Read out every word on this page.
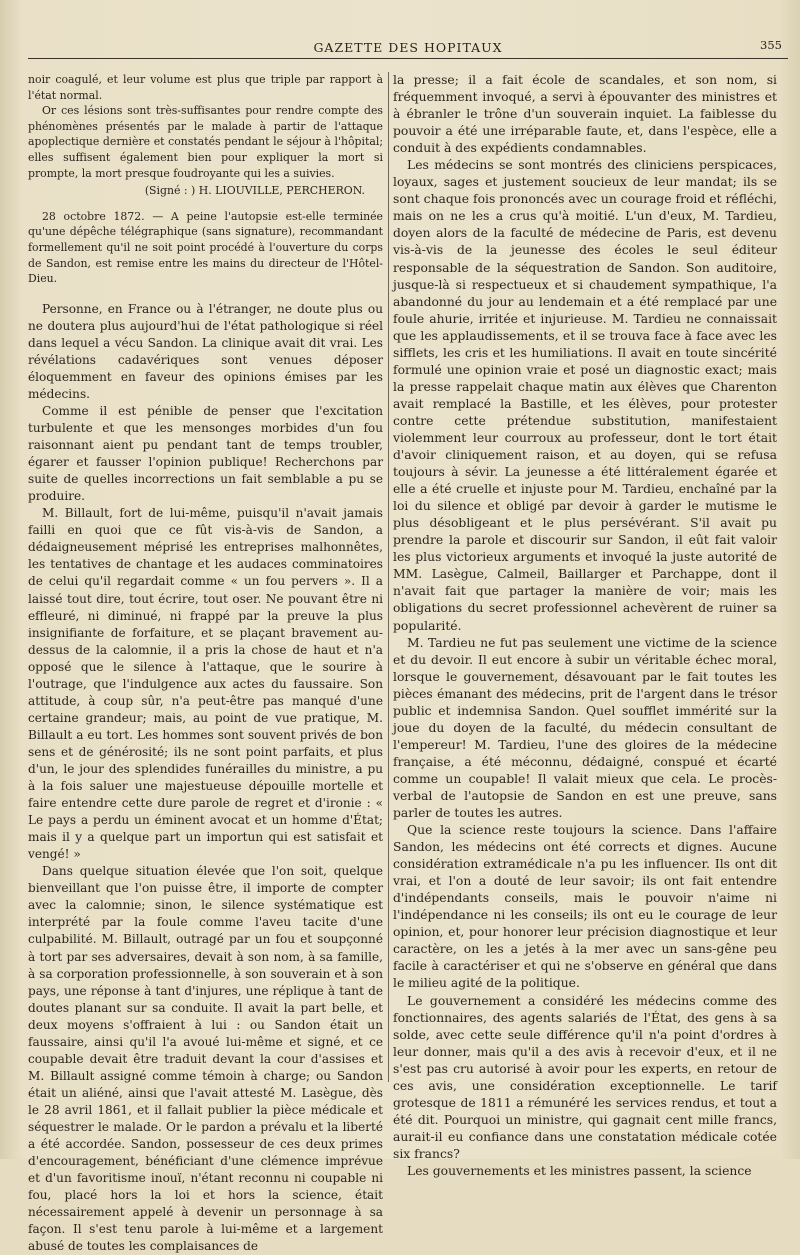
GAZETTE DES HOPITAUX	355

noir coagulé, et leur volume est plus que triple par rapport à l'état normal.

Or ces lésions sont très-suffisantes pour rendre compte des phénomènes présentés par le malade à partir de l'attaque apoplectique dernière et constatés pendant le séjour à l'hôpital; elles suffisent également bien pour expliquer la mort si prompte, la mort presque foudroyante qui les a suivies.

(Signé : ) H. LIOUVILLE, PERCHERON.

28 octobre 1872. — A peine l'autopsie est-elle terminée qu'une dépêche télégraphique (sans signature), recommandant formellement qu'il ne soit point procédé à l'ouverture du corps de Sandon, est remise entre les mains du directeur de l'Hôtel-Dieu.

Personne, en France ou à l'étranger, ne doute plus ou ne doutera plus aujourd'hui de l'état pathologique si réel dans lequel a vécu Sandon. La clinique avait dit vrai. Les révélations cadavériques sont venues déposer éloquemment en faveur des opinions émises par les médecins.

Comme il est pénible de penser que l'excitation turbulente et que les mensonges morbides d'un fou raisonnant aient pu pendant tant de temps troubler, égarer et fausser l'opinion publique! Recherchons par suite de quelles incorrections un fait semblable a pu se produire.

M. Billault, fort de lui-même, puisqu'il n'avait jamais failli en quoi que ce fût vis-à-vis de Sandon, a dédaigneusement méprisé les entreprises malhonnêtes, les tentatives de chantage et les audaces comminatoires de celui qu'il regardait comme « un fou pervers ». Il a laissé tout dire, tout écrire, tout oser. Ne pouvant être ni effleuré, ni diminué, ni frappé par la preuve la plus insignifiante de forfaiture, et se plaçant bravement au-dessus de la calomnie, il a pris la chose de haut et n'a opposé que le silence à l'attaque, que le sourire à l'outrage, que l'indulgence aux actes du faussaire. Son attitude, à coup sûr, n'a peut-être pas manqué d'une certaine grandeur; mais, au point de vue pratique, M. Billault a eu tort. Les hommes sont souvent privés de bon sens et de générosité; ils ne sont point parfaits, et plus d'un, le jour des splendides funérailles du ministre, a pu à la fois saluer une majestueuse dépouille mortelle et faire entendre cette dure parole de regret et d'ironie : « Le pays a perdu un éminent avocat et un homme d'État; mais il y a quelque part un importun qui est satisfait et vengé! »

Dans quelque situation élevée que l'on soit, quelque bienveillant que l'on puisse être, il importe de compter avec la calomnie; sinon, le silence systématique est interprété par la foule comme l'aveu tacite d'une culpabilité. M. Billault, outragé par un fou et soupçonné à tort par ses adversaires, devait à son nom, à sa famille, à sa corporation professionnelle, à son souverain et à son pays, une réponse à tant d'injures, une réplique à tant de doutes planant sur sa conduite. Il avait la part belle, et deux moyens s'offraient à lui : ou Sandon était un faussaire, ainsi qu'il l'a avoué lui-même et signé, et ce coupable devait être traduit devant la cour d'assises et M. Billault assigné comme témoin à charge; ou Sandon était un aliéné, ainsi que l'avait attesté M. Lasègue, dès le 28 avril 1861, et il fallait publier la pièce médicale et séquestrer le malade. Or le pardon a prévalu et la liberté a été accordée. Sandon, possesseur de ces deux primes d'encouragement, bénéficiant d'une clémence imprévue et d'un favoritisme inouï, n'étant reconnu ni coupable ni fou, placé hors la loi et hors la science, était nécessairement appelé à devenir un personnage à sa façon. Il s'est tenu parole à lui-même et a largement abusé de toutes les complaisances de

la presse; il a fait école de scandales, et son nom, si fréquemment invoqué, a servi à épouvanter des ministres et à ébranler le trône d'un souverain inquiet. La faiblesse du pouvoir a été une irréparable faute, et, dans l'espèce, elle a conduit à des expédients condamnables.

Les médecins se sont montrés des cliniciens perspicaces, loyaux, sages et justement soucieux de leur mandat; ils se sont chaque fois prononcés avec un courage froid et réfléchi, mais on ne les a crus qu'à moitié. L'un d'eux, M. Tardieu, doyen alors de la faculté de médecine de Paris, est devenu vis-à-vis de la jeunesse des écoles le seul éditeur responsable de la séquestration de Sandon. Son auditoire, jusque-là si respectueux et si chaudement sympathique, l'a abandonné du jour au lendemain et a été remplacé par une foule ahurie, irritée et injurieuse. M. Tardieu ne connaissait que les applaudissements, et il se trouva face à face avec les sifflets, les cris et les humiliations. Il avait en toute sincérité formulé une opinion vraie et posé un diagnostic exact; mais la presse rappelait chaque matin aux élèves que Charenton avait remplacé la Bastille, et les élèves, pour protester contre cette prétendue substitution, manifestaient violemment leur courroux au professeur, dont le tort était d'avoir cliniquement raison, et au doyen, qui se refusa toujours à sévir. La jeunesse a été littéralement égarée et elle a été cruelle et injuste pour M. Tardieu, enchaîné par la loi du silence et obligé par devoir à garder le mutisme le plus désobligeant et le plus persévérant. S'il avait pu prendre la parole et discourir sur Sandon, il eût fait valoir les plus victorieux arguments et invoqué la juste autorité de MM. Lasègue, Calmeil, Baillarger et Parchappe, dont il n'avait fait que partager la manière de voir; mais les obligations du secret professionnel achevèrent de ruiner sa popularité.

M. Tardieu ne fut pas seulement une victime de la science et du devoir. Il eut encore à subir un véritable échec moral, lorsque le gouvernement, désavouant par le fait toutes les pièces émanant des médecins, prit de l'argent dans le trésor public et indemnisa Sandon. Quel soufflet immérité sur la joue du doyen de la faculté, du médecin consultant de l'empereur! M. Tardieu, l'une des gloires de la médecine française, a été méconnu, dédaigné, conspué et écarté comme un coupable! Il valait mieux que cela. Le procès-verbal de l'autopsie de Sandon en est une preuve, sans parler de toutes les autres.

Que la science reste toujours la science. Dans l'affaire Sandon, les médecins ont été corrects et dignes. Aucune considération extramédicale n'a pu les influencer. Ils ont dit vrai, et l'on a douté de leur savoir; ils ont fait entendre d'indépendants conseils, mais le pouvoir n'aime ni l'indépendance ni les conseils; ils ont eu le courage de leur opinion, et, pour honorer leur précision diagnostique et leur caractère, on les a jetés à la mer avec un sans-gêne peu facile à caractériser et qui ne s'observe en général que dans le milieu agité de la politique.

Le gouvernement a considéré les médecins comme des fonctionnaires, des agents salariés de l'État, des gens à sa solde, avec cette seule différence qu'il n'a point d'ordres à leur donner, mais qu'il a des avis à recevoir d'eux, et il ne s'est pas cru autorisé à avoir pour les experts, en retour de ces avis, une considération exceptionnelle. Le tarif grotesque de 1811 a rémunéré les services rendus, et tout a été dit. Pourquoi un ministre, qui gagnait cent mille francs, aurait-il eu confiance dans une constatation médicale cotée six francs?

Les gouvernements et les ministres passent, la science
